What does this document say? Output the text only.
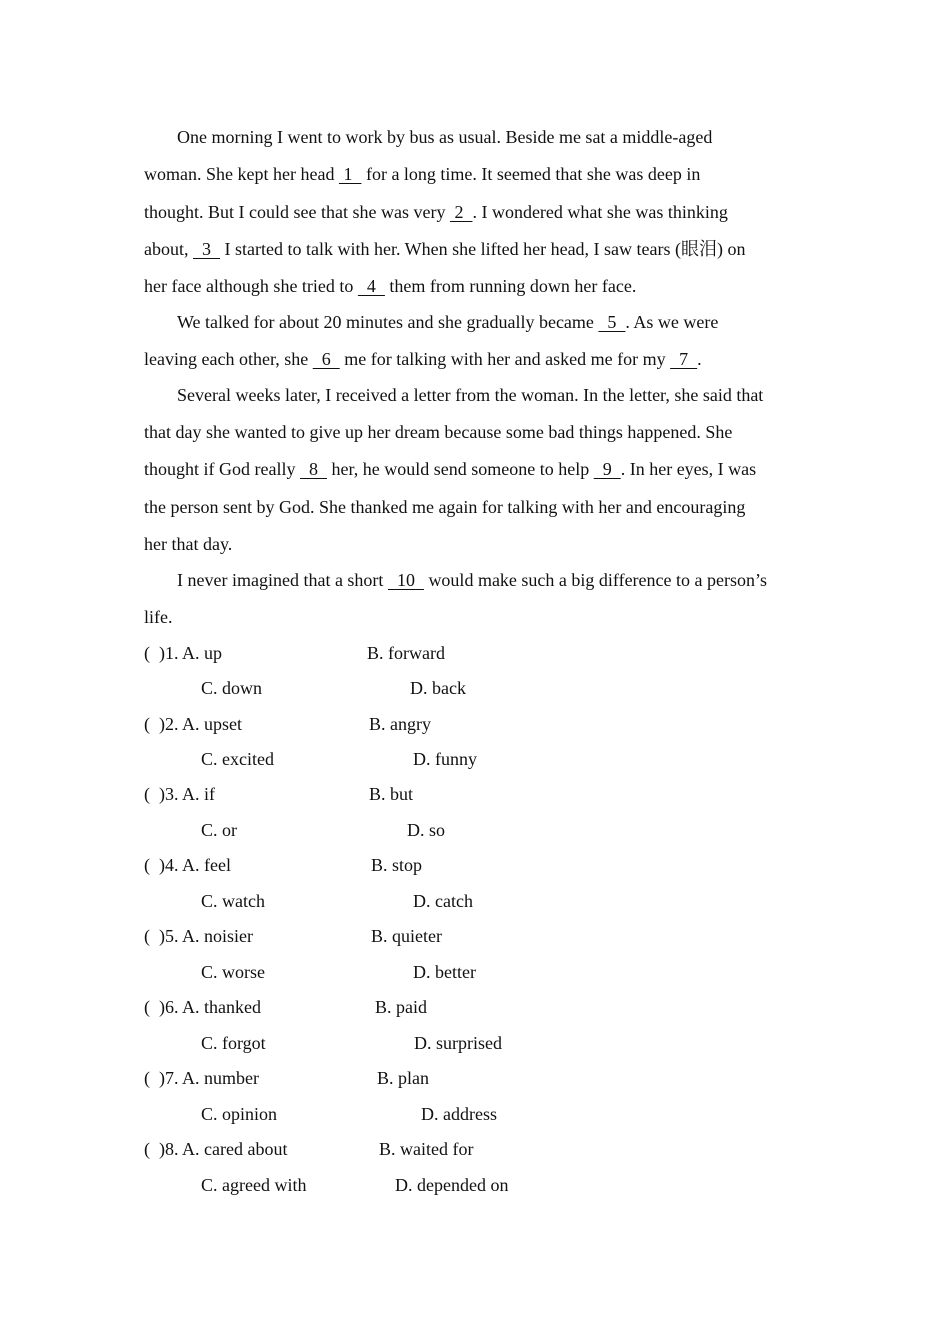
One morning I went to work by bus as usual. Beside me sat a middle-aged
woman. She kept her head  1   for a long time. It seemed that she was deep in
thought. But I could see that she was very  2  . I wondered what she was thinking
about,   3   I started to talk with her. When she lifted her head, I saw tears (眼泪) on
her face although she tried to   4   them from running down her face.
We talked for about 20 minutes and she gradually became   5  . As we were
leaving each other, she   6   me for talking with her and asked me for my   7  .
Several weeks later, I received a letter from the woman. In the letter, she said that
that day she wanted to give up her dream because some bad things happened. She
thought if God really   8   her, he would send someone to help   9  . In her eyes, I was
the person sent by God. She thanked me again for talking with her and encouraging
her that day.
I never imagined that a short   10   would make such a big difference to a person’s
life.
(  )1. A. up	B. forward
C. down	D. back
(  )2. A. upset	B. angry
C. excited	D. funny
(  )3. A. if	B. but
C. or	D. so
(  )4. A. feel	B. stop
C. watch	D. catch
(  )5. A. noisier	B. quieter
C. worse	D. better
(  )6. A. thanked	B. paid
C. forgot	D. surprised
(  )7. A. number	B. plan
C. opinion	D. address
(  )8. A. cared about	B. waited for
C. agreed with	D. depended on
